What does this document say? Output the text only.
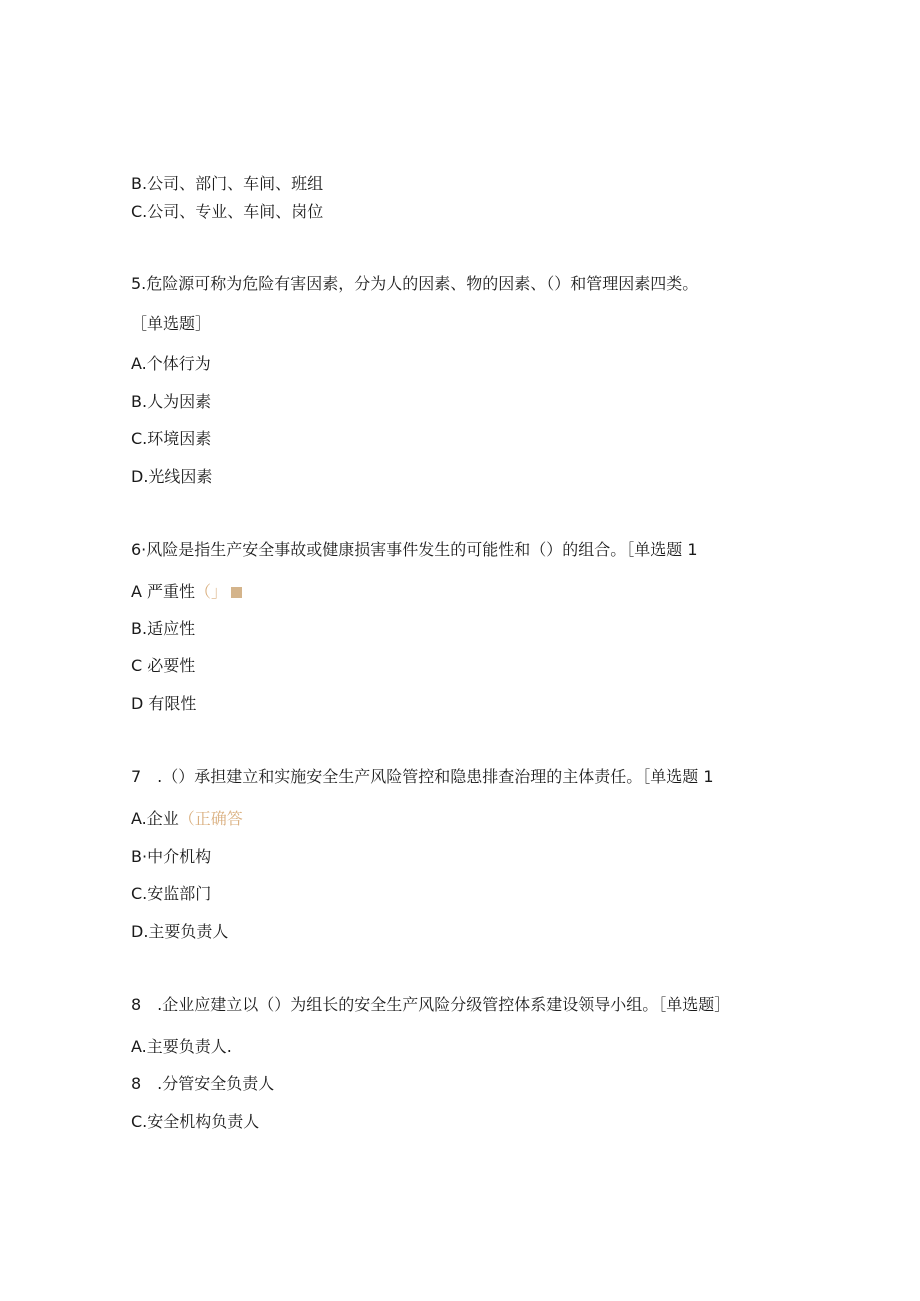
B.公司、部门、车间、班组
C.公司、专业、车间、岗位
5.危险源可称为危险有害因素，分为人的因素、物的因素、（）和管理因素四类。
［单选题］
A.个体行为
B.人为因素
C.环境因素
D.光线因素
6·风险是指生产安全事故或健康损害事件发生的可能性和（）的组合。［单选题 1
A 严重性（」
B.适应性
C 必要性
D 有限性
7　.（）承担建立和实施安全生产风险管控和隐患排查治理的主体责任。［单选题 1
A.企业（正确答
B·中介机构
C.安监部门
D.主要负责人
8　.企业应建立以（）为组长的安全生产风险分级管控体系建设领导小组。［单选题］
A.主要负责人.
8　.分管安全负责人
C.安全机构负责人
